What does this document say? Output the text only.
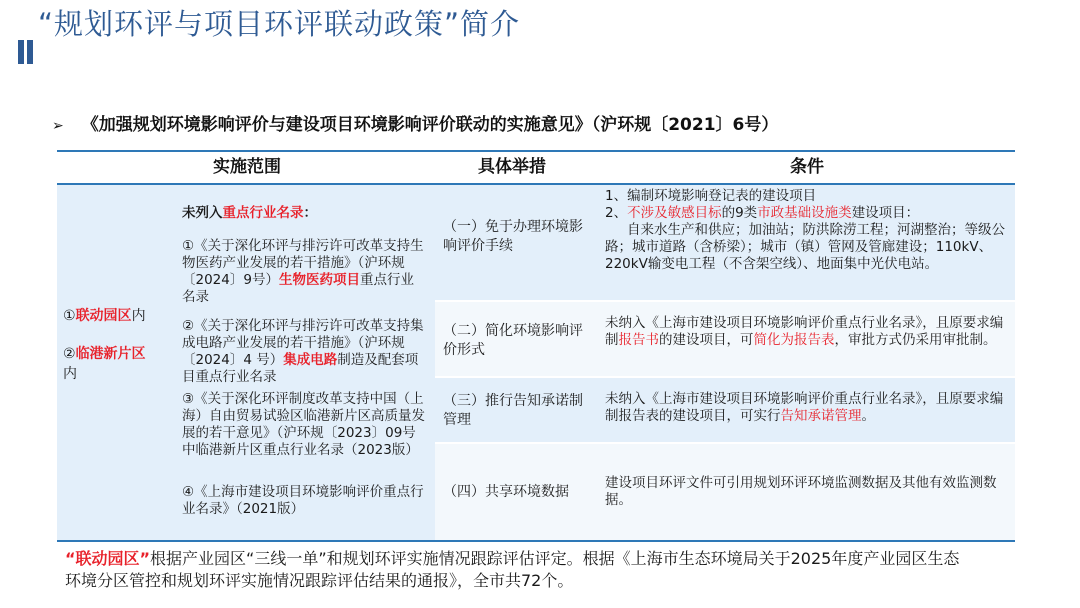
“规划环评与项目环评联动政策”简介
➢ 《加强规划环境影响评价与建设项目环境影响评价联动的实施意见》（沪环规〔2021〕6号）
实施范围	具体举措	条件
①联动园区内
②临港新片区
内
未列入重点行业名录：
①《关于深化环评与排污许可改革支持生物医药产业发展的若干措施》（沪环规〔2024〕9号）生物医药项目重点行业名录
②《关于深化环评与排污许可改革支持集成电路产业发展的若干措施》（沪环规〔2024〕4 号）集成电路制造及配套项目重点行业名录
③《关于深化环评制度改革支持中国（上海）自由贸易试验区临港新片区高质量发展的若干意见》（沪环规〔2023〕09号中临港新片区重点行业名录（2023版）
④《上海市建设项目环境影响评价重点行业名录》（2021版）
（一）免于办理环境影响评价手续
（二）简化环境影响评价形式
（三）推行告知承诺制管理
（四）共享环境数据
1、编制环境影响登记表的建设项目
2、不涉及敏感目标的9类市政基础设施类建设项目：
自来水生产和供应；加油站；防洪除涝工程；河湖整治；等级公路；城市道路（含桥梁）；城市（镇）管网及管廊建设；110kV、220kV输变电工程（不含架空线）、地面集中光伏电站。
未纳入《上海市建设项目环境影响评价重点行业名录》，且原要求编制报告书的建设项目，可简化为报告表，审批方式仍采用审批制。
未纳入《上海市建设项目环境影响评价重点行业名录》，且原要求编制报告表的建设项目，可实行告知承诺管理。
建设项目环评文件可引用规划环评环境监测数据及其他有效监测数据。
“联动园区”根据产业园区“三线一单”和规划环评实施情况跟踪评估评定。根据《上海市生态环境局关于2025年度产业园区生态环境分区管控和规划环评实施情况跟踪评估结果的通报》，全市共72个。
